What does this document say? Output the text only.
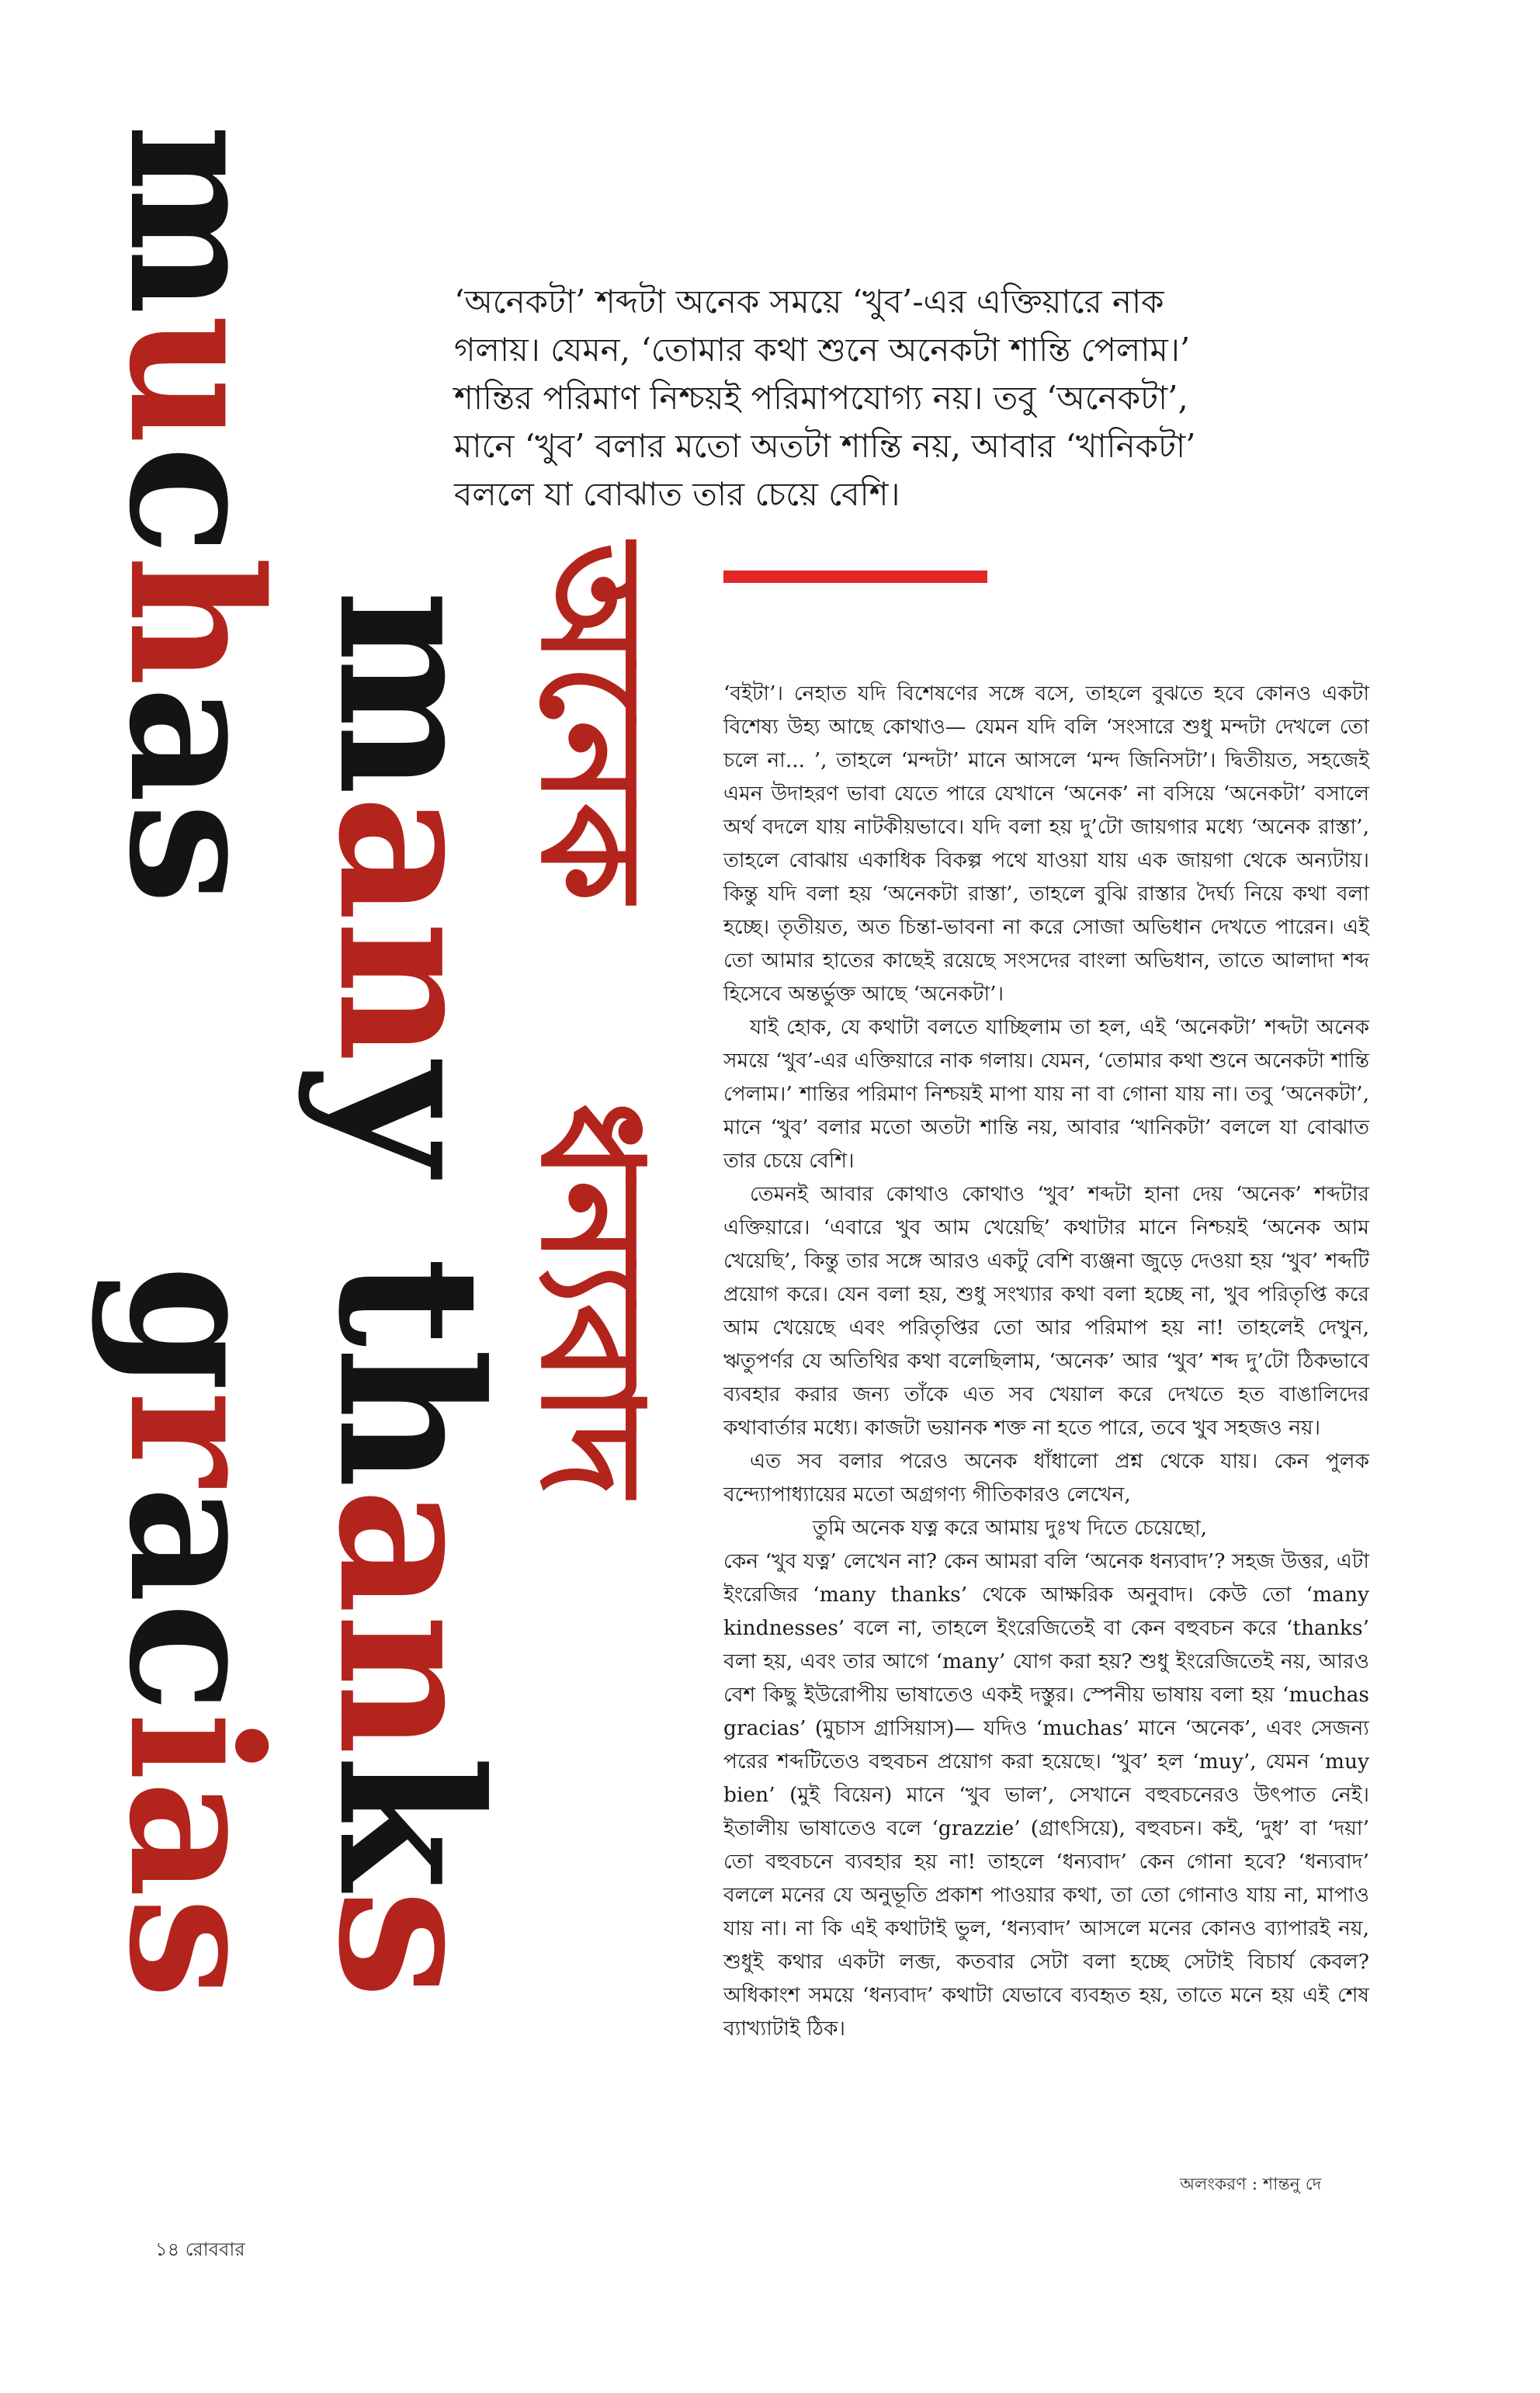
muchas
gracias
many
thanks
অনেক
ধন্যবাদ

‘অনেকটা’ শব্দটা অনেক সময়ে ‘খুব’-এর এক্তিয়ারে নাক

গলায়। যেমন, ‘তোমার কথা শুনে অনেকটা শান্তি পেলাম।’

শান্তির পরিমাণ নিশ্চয়ই পরিমাপযোগ্য নয়। তবু ‘অনেকটা’,

মানে ‘খুব’ বলার মতো অতটা শান্তি নয়, আবার ‘খানিকটা’

বললে যা বোঝাত তার চেয়ে বেশি।

‘বইটা’। নেহাত যদি বিশেষণের সঙ্গে বসে, তাহলে বুঝতে হবে কোনও একটা বিশেষ্য উহ্য আছে কোথাও— যেমন যদি বলি ‘সংসারে শুধু মন্দটা দেখলে তো চলে না... ’, তাহলে ‘মন্দটা’ মানে আসলে ‘মন্দ জিনিসটা’। দ্বিতীয়ত, সহজেই এমন উদাহরণ ভাবা যেতে পারে যেখানে ‘অনেক’ না বসিয়ে ‘অনেকটা’ বসালে অর্থ বদলে যায় নাটকীয়ভাবে। যদি বলা হয় দু’টো জায়গার মধ্যে ‘অনেক রাস্তা’, তাহলে বোঝায় একাধিক বিকল্প পথে যাওয়া যায় এক জায়গা থেকে অন্যটায়। কিন্তু যদি বলা হয় ‘অনেকটা রাস্তা’, তাহলে বুঝি রাস্তার দৈর্ঘ্য নিয়ে কথা বলা হচ্ছে। তৃতীয়ত, অত চিন্তা-ভাবনা না করে সোজা অভিধান দেখতে পারেন। এই তো আমার হাতের কাছেই রয়েছে সংসদের বাংলা অভিধান, তাতে আলাদা শব্দ হিসেবে অন্তর্ভুক্ত আছে ‘অনেকটা’।

যাই হোক, যে কথাটা বলতে যাচ্ছিলাম তা হল, এই ‘অনেকটা’ শব্দটা অনেক সময়ে ‘খুব’-এর এক্তিয়ারে নাক গলায়। যেমন, ‘তোমার কথা শুনে অনেকটা শান্তি পেলাম।’ শান্তির পরিমাণ নিশ্চয়ই মাপা যায় না বা গোনা যায় না। তবু ‘অনেকটা’, মানে ‘খুব’ বলার মতো অতটা শান্তি নয়, আবার ‘খানিকটা’ বললে যা বোঝাত তার চেয়ে বেশি।

তেমনই আবার কোথাও কোথাও ‘খুব’ শব্দটা হানা দেয় ‘অনেক’ শব্দটার এক্তিয়ারে। ‘এবারে খুব আম খেয়েছি’ কথাটার মানে নিশ্চয়ই ‘অনেক আম খেয়েছি’, কিন্তু তার সঙ্গে আরও একটু বেশি ব্যঞ্জনা জুড়ে দেওয়া হয় ‘খুব’ শব্দটি প্রয়োগ করে। যেন বলা হয়, শুধু সংখ্যার কথা বলা হচ্ছে না, খুব পরিতৃপ্তি করে আম খেয়েছে এবং পরিতৃপ্তির তো আর পরিমাপ হয় না! তাহলেই দেখুন, ঋতুপর্ণর যে অতিথির কথা বলেছিলাম, ‘অনেক’ আর ‘খুব’ শব্দ দু’টো ঠিকভাবে ব্যবহার করার জন্য তাঁকে এত সব খেয়াল করে দেখতে হত বাঙালিদের কথাবার্তার মধ্যে। কাজটা ভয়ানক শক্ত না হতে পারে, তবে খুব সহজও নয়।

এত সব বলার পরেও অনেক ধাঁধালো প্রশ্ন থেকে যায়। কেন পুলক বন্দ্যোপাধ্যায়ের মতো অগ্রগণ্য গীতিকারও লেখেন,

তুমি অনেক যত্ন করে আমায় দুঃখ দিতে চেয়েছো,

কেন ‘খুব যত্ন’ লেখেন না? কেন আমরা বলি ‘অনেক ধন্যবাদ’? সহজ উত্তর, এটা ইংরেজির ‘many thanks’ থেকে আক্ষরিক অনুবাদ। কেউ তো ‘many kindnesses’ বলে না, তাহলে ইংরেজিতেই বা কেন বহুবচন করে ‘thanks’ বলা হয়, এবং তার আগে ‘many’ যোগ করা হয়? শুধু ইংরেজিতেই নয়, আরও বেশ কিছু ইউরোপীয় ভাষাতেও একই দস্তুর। স্পেনীয় ভাষায় বলা হয় ‘muchas gracias’ (মুচাস গ্রাসিয়াস)— যদিও ‘muchas’ মানে ‘অনেক’, এবং সেজন্য পরের শব্দটিতেও বহুবচন প্রয়োগ করা হয়েছে। ‘খুব’ হল ‘muy’, যেমন ‘muy bien’ (মুই বিয়েন) মানে ‘খুব ভাল’, সেখানে বহুবচনেরও উৎপাত নেই। ইতালীয় ভাষাতেও বলে ‘grazzie’ (গ্রাৎসিয়ে), বহুবচন। কই, ‘দুধ’ বা ‘দয়া’ তো বহুবচনে ব্যবহার হয় না! তাহলে ‘ধন্যবাদ’ কেন গোনা হবে? ‘ধন্যবাদ’ বললে মনের যে অনুভূতি প্রকাশ পাওয়ার কথা, তা তো গোনাও যায় না, মাপাও যায় না। না কি এই কথাটাই ভুল, ‘ধন্যবাদ’ আসলে মনের কোনও ব্যাপারই নয়, শুধুই কথার একটা লব্জ, কতবার সেটা বলা হচ্ছে সেটাই বিচার্য কেবল? অধিকাংশ সময়ে ‘ধন্যবাদ’ কথাটা যেভাবে ব্যবহৃত হয়, তাতে মনে হয় এই শেষ ব্যাখ্যাটাই ঠিক।

অলংকরণ : শান্তনু দে
১৪ রোববার
